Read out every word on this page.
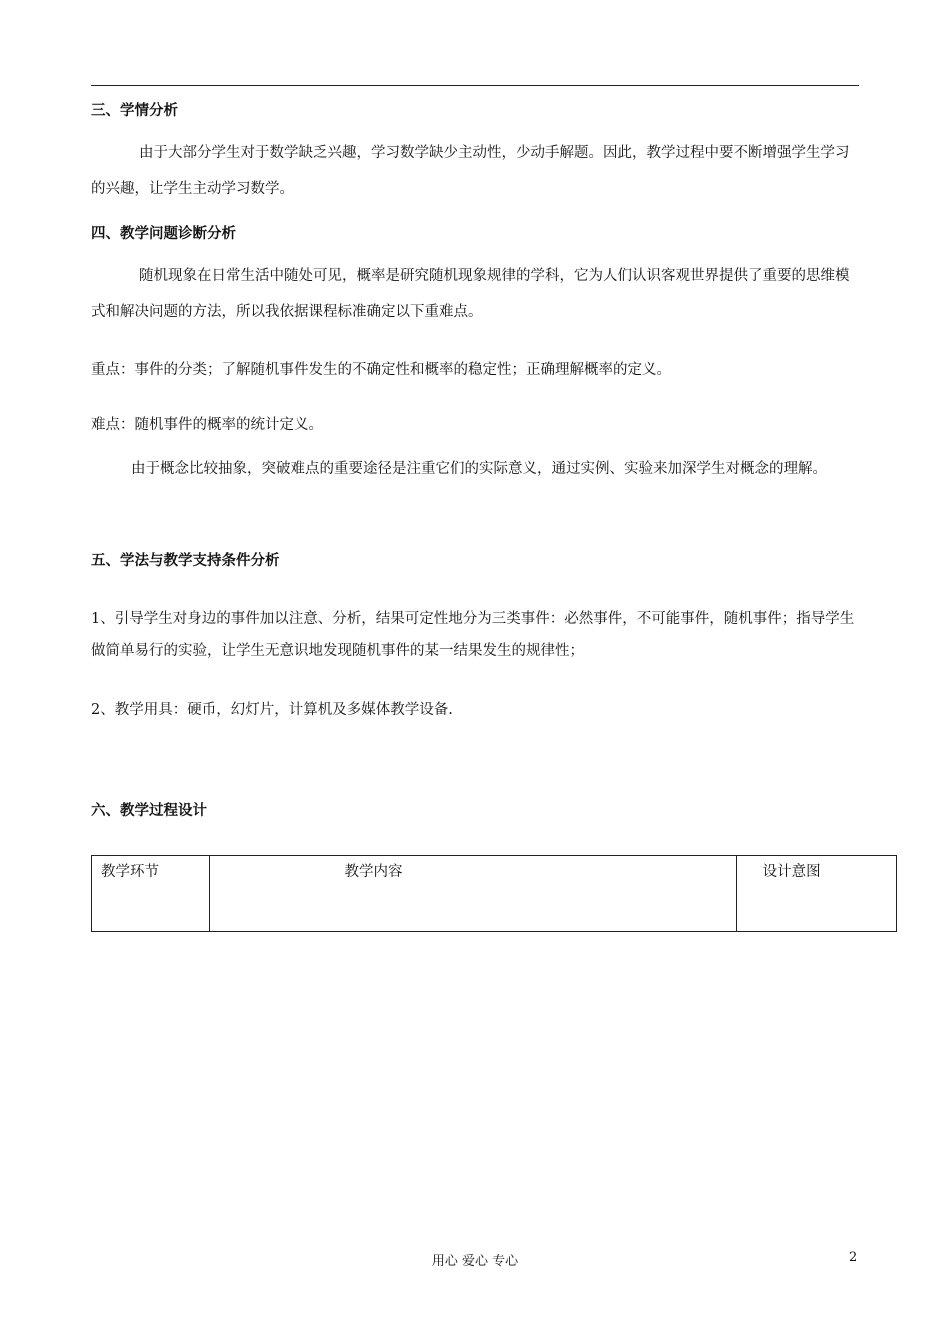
三、学情分析
由于大部分学生对于数学缺乏兴趣，学习数学缺少主动性，少动手解题。因此，教学过程中要不断增强学生学习的兴趣，让学生主动学习数学。
四、教学问题诊断分析
随机现象在日常生活中随处可见，概率是研究随机现象规律的学科，它为人们认识客观世界提供了重要的思维模式和解决问题的方法，所以我依据课程标准确定以下重难点。
重点：事件的分类；了解随机事件发生的不确定性和概率的稳定性；正确理解概率的定义。
难点：随机事件的概率的统计定义。
由于概念比较抽象，突破难点的重要途径是注重它们的实际意义，通过实例、实验来加深学生对概念的理解。
五、学法与教学支持条件分析
1、引导学生对身边的事件加以注意、分析，结果可定性地分为三类事件：必然事件，不可能事件，随机事件；指导学生做简单易行的实验，让学生无意识地发现随机事件的某一结果发生的规律性；
2、教学用具：硬币，幻灯片，计算机及多媒体教学设备.
六、教学过程设计
教学环节	教学内容	设计意图
用心 爱心 专心	2
